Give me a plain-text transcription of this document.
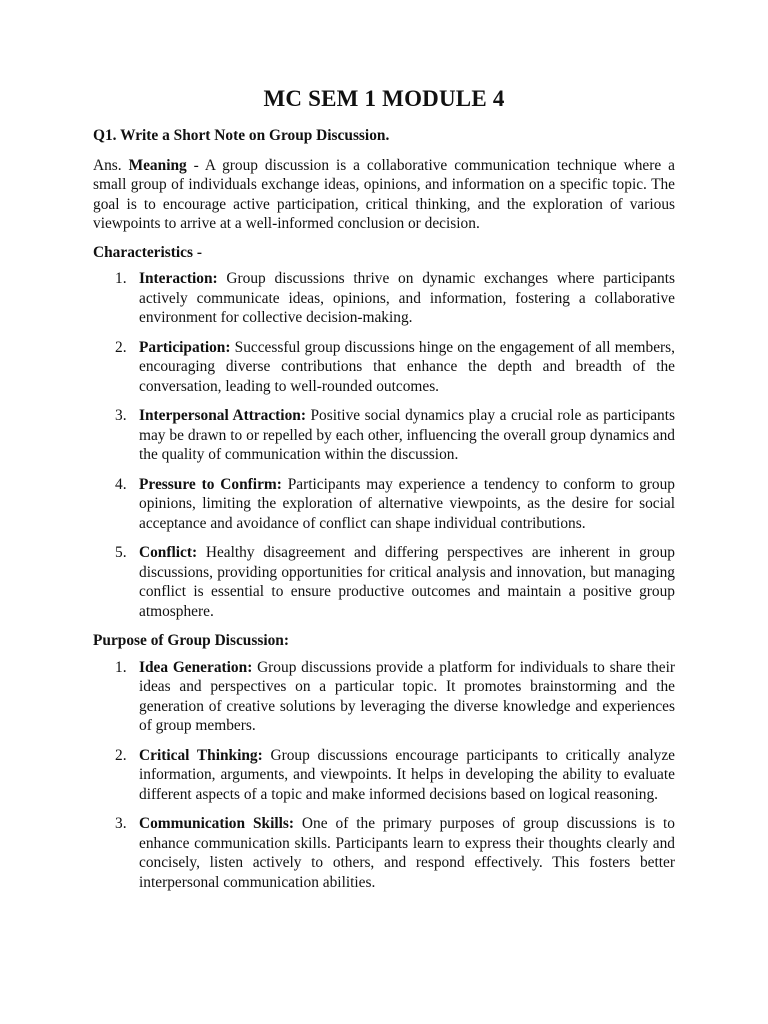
MC SEM 1 MODULE 4

Q1. Write a Short Note on Group Discussion.

Ans. Meaning - A group discussion is a collaborative communication technique where a small group of individuals exchange ideas, opinions, and information on a specific topic. The goal is to encourage active participation, critical thinking, and the exploration of various viewpoints to arrive at a well-informed conclusion or decision.

Characteristics -

1. Interaction: Group discussions thrive on dynamic exchanges where participants actively communicate ideas, opinions, and information, fostering a collaborative environment for collective decision-making.
2. Participation: Successful group discussions hinge on the engagement of all members, encouraging diverse contributions that enhance the depth and breadth of the conversation, leading to well-rounded outcomes.
3. Interpersonal Attraction: Positive social dynamics play a crucial role as participants may be drawn to or repelled by each other, influencing the overall group dynamics and the quality of communication within the discussion.
4. Pressure to Confirm: Participants may experience a tendency to conform to group opinions, limiting the exploration of alternative viewpoints, as the desire for social acceptance and avoidance of conflict can shape individual contributions.
5. Conflict: Healthy disagreement and differing perspectives are inherent in group discussions, providing opportunities for critical analysis and innovation, but managing conflict is essential to ensure productive outcomes and maintain a positive group atmosphere.

Purpose of Group Discussion:

1. Idea Generation: Group discussions provide a platform for individuals to share their ideas and perspectives on a particular topic. It promotes brainstorming and the generation of creative solutions by leveraging the diverse knowledge and experiences of group members.
2. Critical Thinking: Group discussions encourage participants to critically analyze information, arguments, and viewpoints. It helps in developing the ability to evaluate different aspects of a topic and make informed decisions based on logical reasoning.
3. Communication Skills: One of the primary purposes of group discussions is to enhance communication skills. Participants learn to express their thoughts clearly and concisely, listen actively to others, and respond effectively. This fosters better interpersonal communication abilities.
